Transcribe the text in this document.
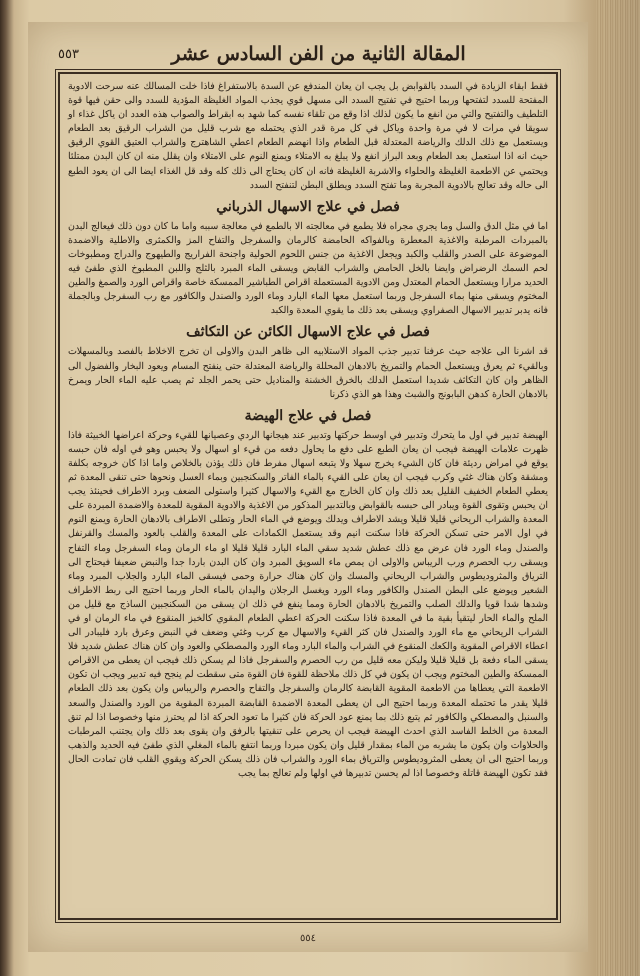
المقالة الثانية من الفن السادس عشر
٥٥٣

فقط ابقاء الزيادة في السدد بالقوابض بل يجب ان يعان المندفع عن السدة بالاستفراغ فاذا خلت المسالك عنه سرحت الادوية المفتحة للسدد لتفتحها وربما احتيج في تفتيح السدد الى مسهل قوي يجذب المواد الغليظة المؤدية للسدد والى حقن فيها قوة التلطيف والتفتيح والتي من انفع ما يكون لذلك اذا وقع من تلقاء نفسه كما شهد به ابقراط والصواب هذه العدد ان ياكل غذاء او سويقا في مرات لا في مرة واحدة وياكل في كل مرة قدر الذي يحتمله مع شرب قليل من الشراب الرقيق بعد الطعام ويستعمل مع ذلك الدلك والرياضة المعتدلة قبل الطعام واذا انهضم الطعام اعطي الشاهترج والشراب العتيق القوي الرقيق حيث انه اذا استعمل بعد الطعام وبعد البراز انفع ولا يبلغ به الامتلاء ويمنع النوم على الامتلاء وان يقلل منه ان كان البدن ممتلئا ويحتمي عن الاطعمة الغليظة والحلواء والاشربة الغليظة فانه ان كان يحتاج الى ذلك كله وقد قل الغذاء ايضا الى ان يعود الطبع الى حاله وقد تعالج بالادوية المجربة وما تفتح السدد ويطلق البطن لتنفتح السدد

فصل في علاج الاسهال الذرباني

اما في مثل الدق والسل وما يجري مجراه فلا يطمع في معالجته الا بالطمع في معالجة سببه واما ما كان دون ذلك فيعالج البدن بالمبردات المرطبة والاغذية المعطرة وبالفواكه الحامضة كالرمان والسفرجل والتفاح المز والكمثرى والاطلية والاضمدة الموضوعة على الصدر والقلب والكبد ويجعل الاغذية من جنس اللحوم الحولية واجنحة الفراريج والطيهوج والدراج ومطبوخات لحم السمك الرضراض وايضا بالخل الحامض والشراب القابض ويسقى الماء المبرد بالثلج واللبن المطبوخ الذي طفئ فيه الحديد مرارا ويستعمل الحمام المعتدل ومن الادوية المستعملة اقراص الطباشير الممسكة خاصة واقراص الورد والصمغ والطين المختوم ويسقى منها بماء السفرجل وربما استعمل معها الماء البارد وماء الورد والصندل والكافور مع رب السفرجل وبالجملة فانه يدبر تدبير الاسهال الصفراوي ويسقى بعد ذلك ما يقوي المعدة والكبد

فصل في علاج الاسهال الكائن عن التكاثف

قد اشرنا الى علاجه حيث عرفنا تدبير جذب المواد الاستلابيه الى ظاهر البدن والاولى ان تخرج الاخلاط بالفصد وبالمسهلات وبالقيء ثم يعرق ويستعمل الحمام والتمريخ بالادهان المحللة والرياضة المعتدلة حتى ينفتح المسام ويعود البخار والفضول الى الظاهر وان كان التكاثف شديدا استعمل الدلك بالخرق الخشنة والمناديل حتى يحمر الجلد ثم يصب عليه الماء الحار ويمرخ بالادهان الحارة كدهن البابونج والشبث وهذا هو الذي ذكرنا

فصل في علاج الهيضة

الهيضة تدبير في اول ما يتحرك وتدبير في اوسط حركتها وتدبير عند هيجانها الردي وعصيانها للقيء وحركة اعراضها الخبيثة فاذا ظهرت علامات الهيضة فيجب ان يعان الطبع على دفع ما يحاول دفعه من قيء او اسهال ولا يحبس وهو في اوله فان حبسه يوقع في امراض رديئة فان كان الشيء يخرج سهلا ولا يتبعه اسهال مفرط فان ذلك يؤذن بالخلاص واما اذا كان خروجه بكلفة ومشقة وكان هناك غثي وكرب فيجب ان يعان على القيء بالماء الفاتر والسكنجبين وبماء العسل ونحوها حتى تنقى المعدة ثم يعطي الطعام الخفيف القليل بعد ذلك وان كان الخارج مع القيء والاسهال كثيرا واستولى الضعف وبرد الاطراف فحينئذ يجب ان يحبس وتقوى القوة ويبادر الى حبسه بالقوابض وبالتدبير المذكور من الاغذية والادوية المقوية للمعدة والاضمدة المبردة على المعدة والشراب الريحاني قليلا قليلا ويشد الاطراف ويدلك ويوضع في الماء الحار وتطلى الاطراف بالادهان الحارة ويمنع النوم في اول الامر حتى تسكن الحركة فاذا سكنت انيم وقد يستعمل الكمادات على المعدة والقلب بالعود والمسك والقرنفل والصندل وماء الورد فان عرض مع ذلك عطش شديد سقي الماء البارد قليلا قليلا او ماء الرمان وماء السفرجل وماء التفاح ويسقى رب الحصرم ورب الريباس والاولى ان يمص ماء السويق المبرد وان كان البدن باردا جدا والنبض ضعيفا فيحتاج الى الترياق والمثروديطوس والشراب الريحاني والمسك وان كان هناك حرارة وحمى فيسقى الماء البارد والجلاب المبرد وماء الشعير ويوضع على البطن الصندل والكافور وماء الورد ويغسل الرجلان واليدان بالماء الحار وربما احتيج الى ربط الاطراف وشدها شدا قويا والدلك الصلب والتمريخ بالادهان الحارة ومما ينفع في ذلك ان يسقى من السكنجبين الساذج مع قليل من الملح والماء الحار ليتقيأ بقية ما في المعدة فاذا سكنت الحركة اعطي الطعام المقوي كالخبز المنقوع في ماء الرمان او في الشراب الريحاني مع ماء الورد والصندل فان كثر القيء والاسهال مع كرب وغثي وضعف في النبض وعرق بارد فليبادر الى اعطاء الاقراص المقوية والكعك المنقوع في الشراب والماء البارد وماء الورد والمصطكي والعود وان كان هناك عطش شديد فلا يسقى الماء دفعة بل قليلا قليلا وليكن معه قليل من رب الحصرم والسفرجل فاذا لم يسكن ذلك فيجب ان يعطى من الاقراص الممسكة والطين المختوم ويجب ان يكون في كل ذلك ملاحظة للقوة فان القوة متى سقطت لم ينجح فيه تدبير ويجب ان تكون الاطعمة التي يعطاها من الاطعمة المقوية القابضة كالرمان والسفرجل والتفاح والحصرم والريباس وان يكون بعد ذلك الطعام قليلا يقدر ما تحتمله المعدة وربما احتيج الى ان يعطى المعدة الاضمدة القابضة المبردة المقوية من الورد والصندل والسعد والسنبل والمصطكي والكافور ثم يتبع ذلك بما يمنع عود الحركة فان كثيرا ما تعود الحركة اذا لم يحترز منها وخصوصا اذا لم تنق المعدة من الخلط الفاسد الذي احدث الهيضة فيجب ان يحرص على تنقيتها بالرفق وان يقوى بعد ذلك وان يجتنب المرطبات والحلاوات وان يكون ما يشربه من الماء بمقدار قليل وان يكون مبردا وربما انتفع بالماء المغلي الذي طفئ فيه الحديد والذهب وربما احتيج الى ان يعطى المثروديطوس والترياق بماء الورد والشراب فان ذلك يسكن الحركة ويقوي القلب فان تمادت الحال فقد تكون الهيضة قاتلة وخصوصا اذا لم يحسن تدبيرها في اولها ولم تعالج بما يجب

٥٥٤
